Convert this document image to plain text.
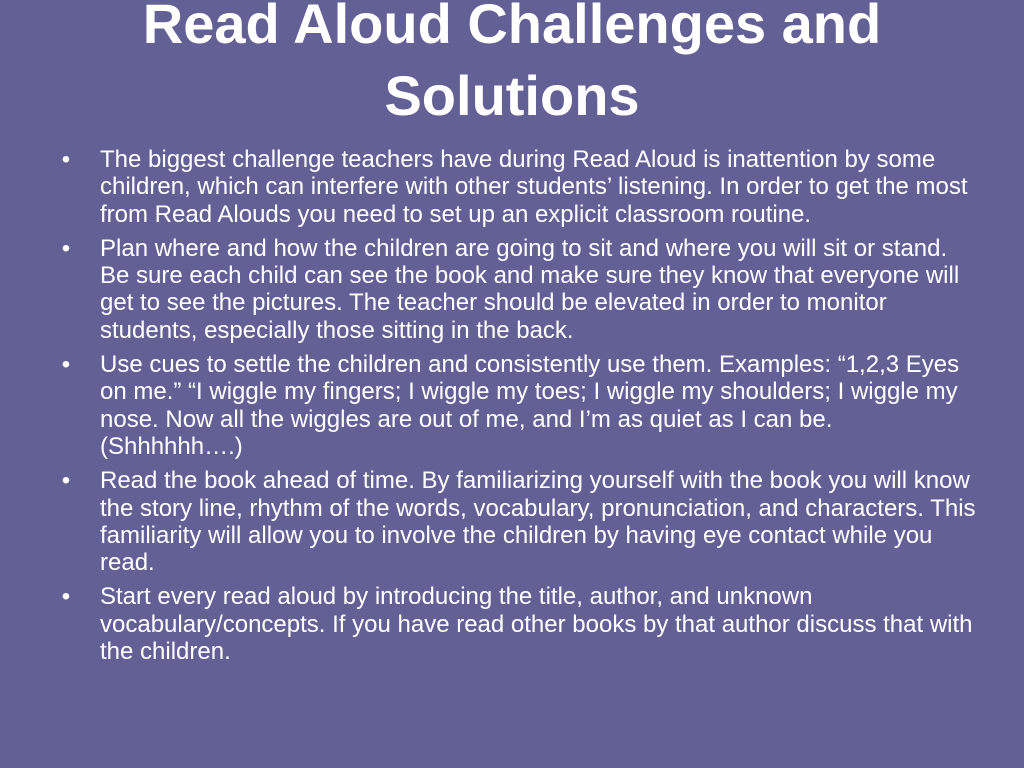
Read Aloud Challenges and
Solutions
• The biggest challenge teachers have during Read Aloud is inattention by some children, which can interfere with other students’ listening. In order to get the most from Read Alouds you need to set up an explicit classroom routine.
• Plan where and how the children are going to sit and where you will sit or stand. Be sure each child can see the book and make sure they know that everyone will get to see the pictures. The teacher should be elevated in order to monitor students, especially those sitting in the back.
• Use cues to settle the children and consistently use them. Examples: “1,2,3 Eyes on me.” “I wiggle my fingers; I wiggle my toes; I wiggle my shoulders; I wiggle my nose. Now all the wiggles are out of me, and I’m as quiet as I can be. (Shhhhhh….)
• Read the book ahead of time. By familiarizing yourself with the book you will know the story line, rhythm of the words, vocabulary, pronunciation, and characters. This familiarity will allow you to involve the children by having eye contact while you read.
• Start every read aloud by introducing the title, author, and unknown vocabulary/concepts. If you have read other books by that author discuss that with the children.
